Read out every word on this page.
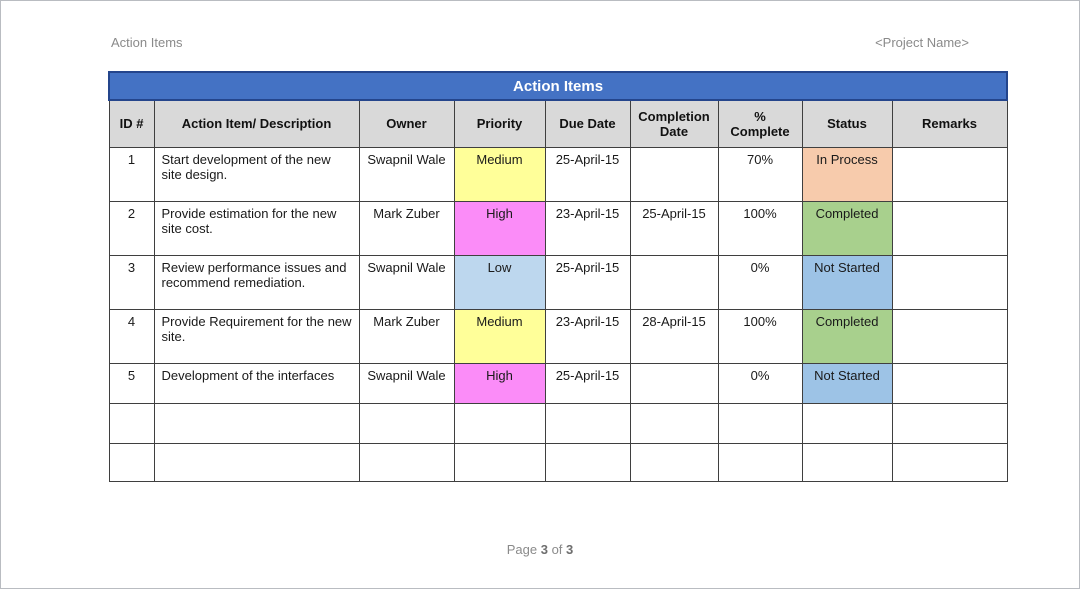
Action Items	<Project Name>
Action Items								
ID #	Action Item/ Description	Owner	Priority	Due Date	Completion Date	% Complete	Status	Remarks
1	Start development of the new site design.	Swapnil Wale	Medium	25-April-15		70%	In Process	
2	Provide estimation for the new site cost.	Mark Zuber	High	23-April-15	25-April-15	100%	Completed	
3	Review performance issues and recommend remediation.	Swapnil Wale	Low	25-April-15		0%	Not Started	
4	Provide Requirement for the new site.	Mark Zuber	Medium	23-April-15	28-April-15	100%	Completed	
5	Development of the interfaces	Swapnil Wale	High	25-April-15		0%	Not Started	

Page 3 of 3
